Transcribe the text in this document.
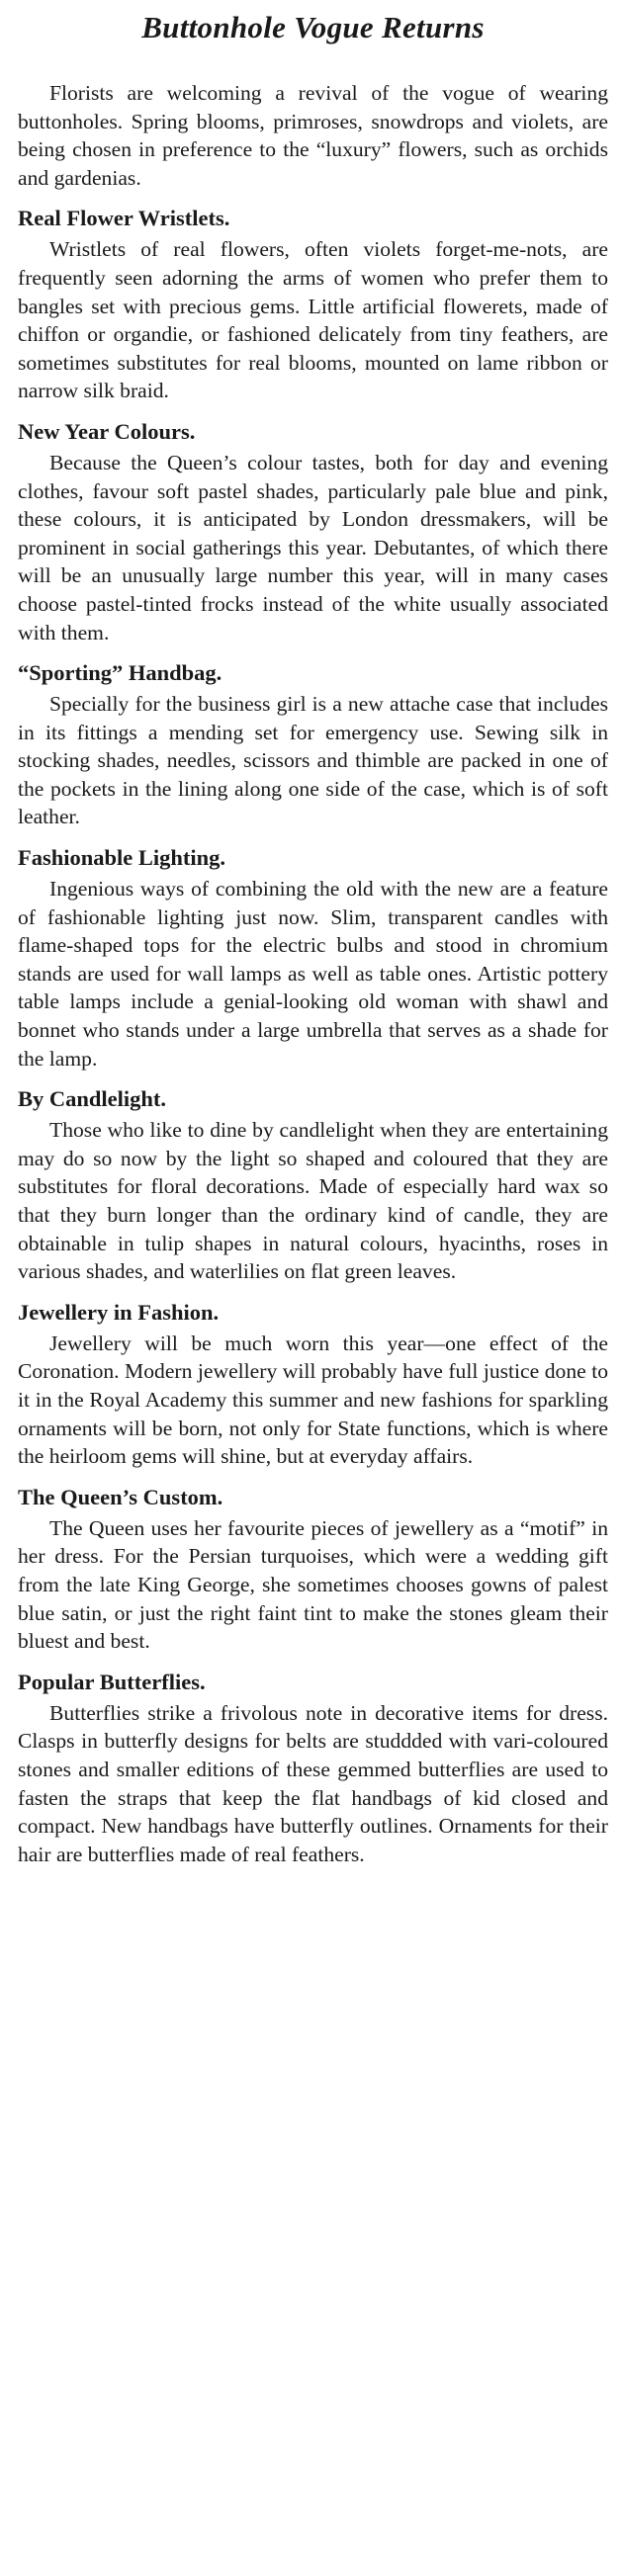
Buttonhole Vogue Returns

Florists are welcoming a revival of the vogue of wearing buttonholes. Spring blooms, primroses, snowdrops and violets, are being chosen in preference to the “luxury” flowers, such as orchids and gardenias.

Real Flower Wristlets.

Wristlets of real flowers, often violets forget-me-nots, are frequently seen adorning the arms of women who prefer them to bangles set with precious gems. Little artificial flowerets, made of chiffon or organdie, or fashioned delicately from tiny feathers, are sometimes substitutes for real blooms, mounted on lame ribbon or narrow silk braid.

New Year Colours.

Because the Queen’s colour tastes, both for day and evening clothes, favour soft pastel shades, particularly pale blue and pink, these colours, it is anticipated by London dressmakers, will be prominent in social gatherings this year. Debutantes, of which there will be an unusually large number this year, will in many cases choose pastel-tinted frocks instead of the white usually associated with them.

“Sporting” Handbag.

Specially for the business girl is a new attache case that includes in its fittings a mending set for emergency use. Sewing silk in stocking shades, needles, scissors and thimble are packed in one of the pockets in the lining along one side of the case, which is of soft leather.

Fashionable Lighting.

Ingenious ways of combining the old with the new are a feature of fashionable lighting just now. Slim, transparent candles with flame-shaped tops for the electric bulbs and stood in chromium stands are used for wall lamps as well as table ones. Artistic pottery table lamps include a genial-looking old woman with shawl and bonnet who stands under a large umbrella that serves as a shade for the lamp.

By Candlelight.

Those who like to dine by candlelight when they are entertaining may do so now by the light so shaped and coloured that they are substitutes for floral decorations. Made of especially hard wax so that they burn longer than the ordinary kind of candle, they are obtainable in tulip shapes in natural colours, hyacinths, roses in various shades, and waterlilies on flat green leaves.

Jewellery in Fashion.

Jewellery will be much worn this year—one effect of the Coronation. Modern jewellery will probably have full justice done to it in the Royal Academy this summer and new fashions for sparkling ornaments will be born, not only for State functions, which is where the heirloom gems will shine, but at everyday affairs.

The Queen’s Custom.

The Queen uses her favourite pieces of jewellery as a “motif” in her dress. For the Persian turquoises, which were a wedding gift from the late King George, she sometimes chooses gowns of palest blue satin, or just the right faint tint to make the stones gleam their bluest and best.

Popular Butterflies.

Butterflies strike a frivolous note in decorative items for dress. Clasps in butterfly designs for belts are studdded with vari-coloured stones and smaller editions of these gemmed butterflies are used to fasten the straps that keep the flat handbags of kid closed and compact. New handbags have butterfly outlines. Ornaments for their hair are butterflies made of real feathers.
